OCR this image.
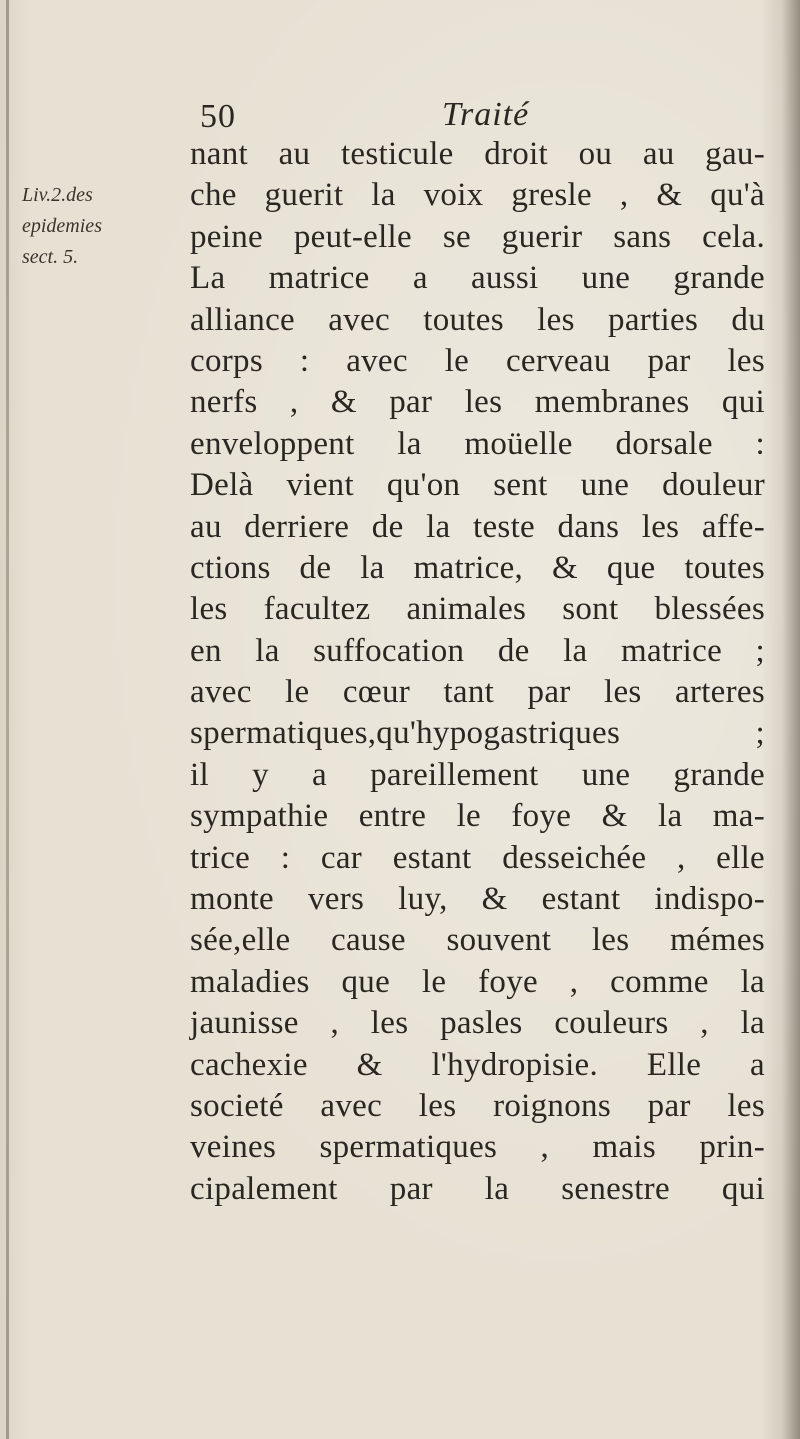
50	Traité
Liv.2.des
epidemies
sect. 5.
nant au testicule droit ou au gau-
che guerit la voix gresle , & qu'à
peine peut-elle se guerir sans cela.
La matrice a aussi une grande
alliance avec toutes les parties du
corps : avec le cerveau par les
nerfs , & par les membranes qui
enveloppent la moüelle dorsale :
Delà vient qu'on sent une douleur
au derriere de la teste dans les affe-
ctions de la matrice, & que toutes
les facultez animales sont blessées
en la suffocation de la matrice ;
avec le cœur tant par les arteres
spermatiques,qu'hypogastriques ;
il y a pareillement une grande
sympathie entre le foye & la ma-
trice : car estant desseichée , elle
monte vers luy, & estant indispo-
sée,elle cause souvent les mémes
maladies que le foye , comme la
jaunisse , les pasles couleurs , la
cachexie & l'hydropisie. Elle a
societé avec les roignons par les
veines spermatiques , mais prin-
cipalement par la senestre qui
